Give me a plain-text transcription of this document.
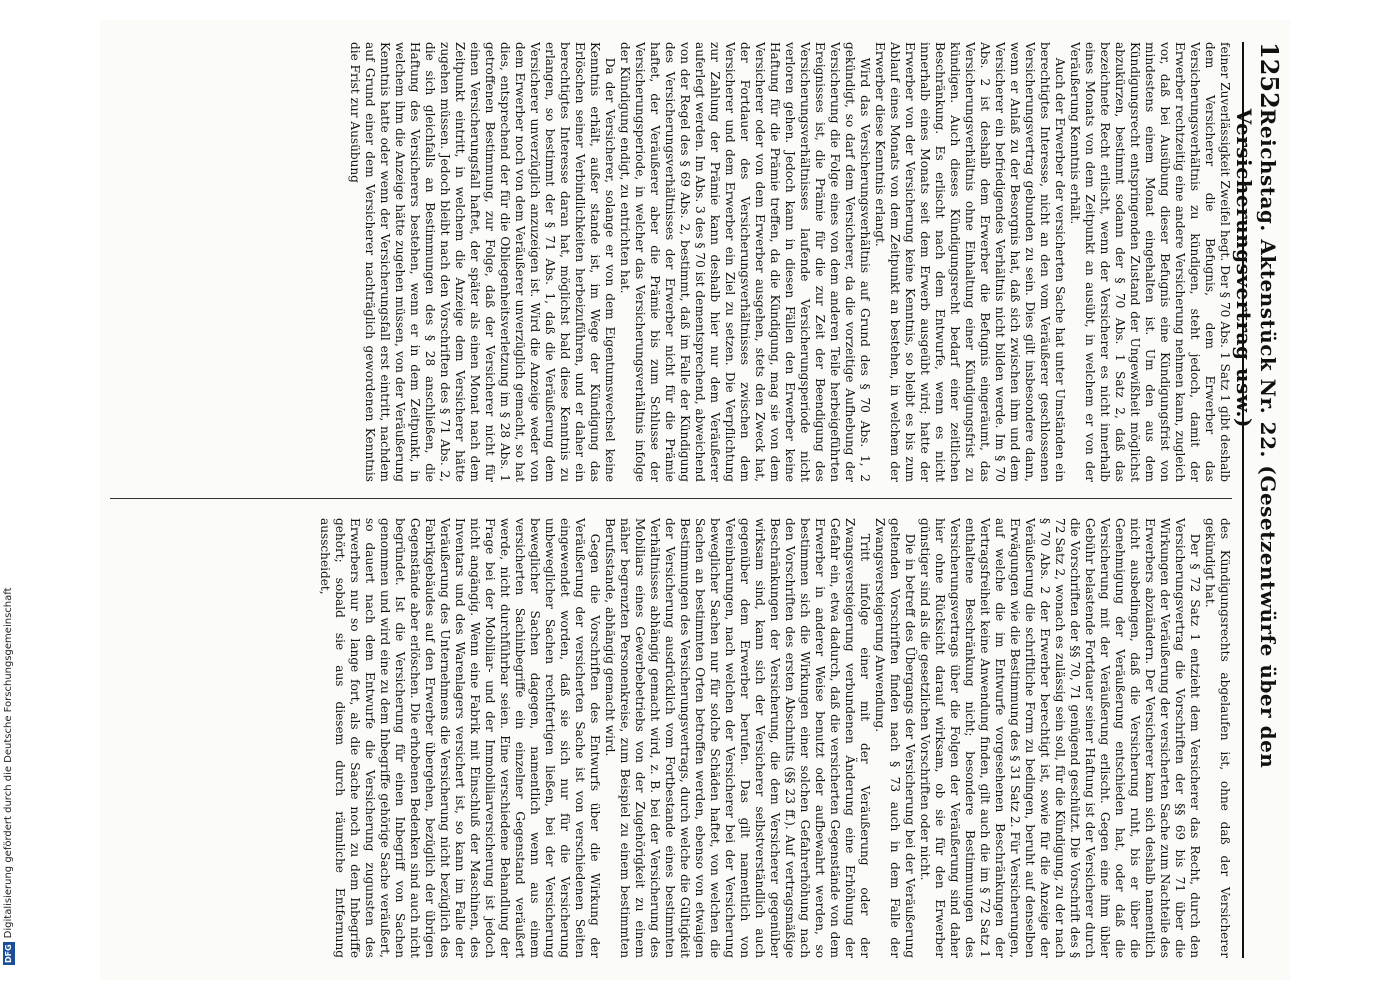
1252
Reichstag. Aktenstück Nr. 22. (Gesetzentwürfe über den Versicherungsvertrag usw.)

feiner Zuverlässigkeit Zweifel hegt. Der § 70 Abs. 1 Satz 1 gibt deshalb dem Versicherer die Befugnis, dem Erwerber das Versicherungsverhältnis zu kündigen, steht jedoch, damit der Erwerber rechtzeitig eine andere Versicherung nehmen kann, zugleich vor, daß bei Ausübung dieser Befugnis eine Kündigungsfrist von mindestens einem Monat eingehalten ist. Um den aus dem Kündigungsrecht entspringenden Zustand der Ungewißheit möglichst abzukürzen, bestimmt sodann der § 70 Abs. 1 Satz 2, daß das bezeichnete Recht erlischt, wenn der Versicherer es nicht innerhalb eines Monats von dem Zeitpunkt an ausübt, in welchem er von der Veräußerung Kenntnis erhält.

Auch der Erwerber der versicherten Sache hat unter Umständen ein berechtigtes Interesse, nicht an den vom Veräußerer geschlossenen Versicherungsvertrag gebunden zu sein. Dies gilt insbesondere dann, wenn er Anlaß zu der Besorgnis hat, daß sich zwischen ihm und dem Versicherer ein befriedigendes Verhältnis nicht bilden werde. Im § 70 Abs. 2 ist deshalb dem Erwerber die Befugnis eingeräumt, das Versicherungsverhältnis ohne Einhaltung einer Kündigungsfrist zu kündigen. Auch dieses Kündigungsrecht bedarf einer zeitlichen Beschränkung. Es erlischt nach dem Entwurfe, wenn es nicht innerhalb eines Monats seit dem Erwerb ausgeübt wird; hatte der Erwerber von der Versicherung keine Kenntnis, so bleibt es bis zum Ablauf eines Monats von dem Zeitpunkt an bestehen, in welchem der Erwerber diese Kenntnis erlangt.

Wird das Versicherungsverhältnis auf Grund des § 70 Abs. 1, 2 gekündigt, so darf dem Versicherer, da die vorzeitige Aufhebung der Versicherung die Folge eines von dem anderen Teile herbeigeführten Ereignisses ist, die Prämie für die zur Zeit der Beendigung des Versicherungsverhältnisses laufende Versicherungsperiode nicht verloren gehen. Jedoch kann in diesen Fällen den Erwerber keine Haftung für die Prämie treffen, da die Kündigung, mag sie von dem Versicherer oder von dem Erwerber ausgehen, stets den Zweck hat, der Fortdauer des Versicherungsverhältnisses zwischen dem Versicherer und dem Erwerber ein Ziel zu setzen. Die Verpflichtung zur Zahlung der Prämie kann deshalb hier nur dem Veräußerer auferlegt werden. Im Abs. 3 des § 70 ist dementsprechend, abweichend von der Regel des § 69 Abs. 2, bestimmt, daß im Falle der Kündigung des Versicherungsverhältnisses der Erwerber nicht für die Prämie haftet, der Veräußerer aber die Prämie bis zum Schlusse der Versicherungsperiode, in welcher das Versicherungsverhältnis infolge der Kündigung endigt, zu entrichten hat.

Da der Versicherer, solange er von dem Eigentumswechsel keine Kenntnis erhält, außer stande ist, im Wege der Kündigung das Erlöschen seiner Verbindlichkeiten herbeizuführen, und er daher ein berechtigtes Interesse daran hat, möglichst bald diese Kenntnis zu erlangen, so bestimmt der § 71 Abs. 1, daß die Veräußerung dem Versicherer unverzüglich anzuzeigen ist. Wird die Anzeige weder von dem Erwerber noch von dem Veräußerer unverzüglich gemacht, so hat dies, entsprechend der für die Obliegenheitsverletzung im § 28 Abs. 1 getroffenen Bestimmung, zur Folge, daß der Versicherer nicht für einen Versicherungsfall haftet, der später als einen Monat nach dem Zeitpunkt eintritt, in welchem die Anzeige dem Versicherer hätte zugehen müssen. Jedoch bleibt nach den Vorschriften des § 71 Abs. 2, die sich gleichfalls an Bestimmungen des § 28 anschließen, die Haftung des Versicherers bestehen, wenn er in dem Zeitpunkt, in welchem ihm die Anzeige hätte zugehen müssen, von der Veräußerung Kenntnis hatte oder wenn der Versicherungsfall erst eintritt, nachdem auf Grund einer dem Versicherer nachträglich gewordenen Kenntnis die Frist zur Ausübung

des Kündigungsrechts abgelaufen ist, ohne daß der Versicherer gekündigt hat.

Der § 72 Satz 1 entzieht dem Versicherer das Recht, durch den Versicherungsvertrag die Vorschriften der §§ 69 bis 71 über die Wirkungen der Veräußerung der versicherten Sache zum Nachteile des Erwerbers abzuändern. Der Versicherer kann sich deshalb namentlich nicht ausbedingen, daß die Versicherung ruht, bis er über die Genehmigung der Veräußerung entschieden hat, oder daß die Versicherung mit der Veräußerung erlischt. Gegen eine ihm übler Gebühr belastende Fortdauer seiner Haftung ist der Versicherer durch die Vorschriften der §§ 70, 71 genügend geschützt. Die Vorschrift des § 72 Satz 2, wonach es zulässig sein soll, für die Kündigung, zu der nach § 70 Abs. 2 der Erwerber berechtigt ist, sowie für die Anzeige der Veräußerung die schriftliche Form zu bedingen, beruht auf denselben Erwägungen wie die Bestimmung des § 31 Satz 2. Für Versicherungen, auf welche die im Entwurfe vorgesehenen Beschränkungen der Vertragsfreiheit keine Anwendung finden, gilt auch die im § 72 Satz 1 enthaltene Beschränkung nicht; besondere Bestimmungen des Versicherungsvertrags über die Folgen der Veräußerung sind daher hier ohne Rücksicht darauf wirksam, ob sie für den Erwerber günstiger sind als die gesetzlichen Vorschriften oder nicht.

Die in betreff des Übergangs der Versicherung bei der Veräußerung geltenden Vorschriften finden nach § 73 auch in dem Falle der Zwangsversteigerung Anwendung.

Tritt infolge einer mit der Veräußerung oder der Zwangsversteigerung verbundenen Änderung eine Erhöhung der Gefahr ein, etwa dadurch, daß die versicherten Gegenstände von dem Erwerber in anderer Weise benutzt oder aufbewahrt werden, so bestimmen sich die Wirkungen einer solchen Gefahrerhöhung nach den Vorschriften des ersten Abschnitts (§§ 23 ff.). Auf vertragsmäßige Beschränkungen der Versicherung, die dem Versicherer gegenüber wirksam sind, kann sich der Versicherer selbstverständlich auch gegenüber dem Erwerber berufen. Das gilt namentlich von Vereinbarungen, nach welchen der Versicherer bei der Versicherung beweglicher Sachen nur für solche Schäden haftet, von welchen die Sachen an bestimmten Orten betroffen werden, ebenso von etwaigen Bestimmungen des Versicherungsvertrags, durch welche die Gültigkeit der Versicherung ausdrücklich vom Fortbestande eines bestimmten Verhältnisses abhängig gemacht wird, z. B. bei der Versicherung des Mobiliars eines Gewerbebetriebs von der Zugehörigkeit zu einem näher begrenzten Personenkreise, zum Beispiel zu einem bestimmten Berufsstande, abhängig gemacht wird.

Gegen die Vorschriften des Entwurfs über die Wirkung der Veräußerung der versicherten Sache ist von verschiedenen Seiten eingewendet worden, daß sie sich nur für die Versicherung unbeweglicher Sachen rechtfertigen ließen, bei der Versicherung beweglicher Sachen dagegen, namentlich wenn aus einem versicherten Sachinbegriffe ein einzelner Gegenstand veräußert werde, nicht durchführbar seien. Eine verschiedene Behandlung der Frage bei der Mobiliar- und der Immobiliarversicherung ist jedoch nicht angängig. Wenn eine Fabrik mit Einschluß der Maschinen, des Inventars und des Warenlagers versichert ist, so kann im Falle der Veräußerung des Unternehmens die Versicherung nicht bezüglich des Fabrikgebäudes auf den Erwerber übergehen, bezüglich der übrigen Gegenstände aber erlöschen. Die erhobenen Bedenken sind auch nicht begründet. Ist die Versicherung für einen Inbegriff von Sachen genommen und wird eine zu dem Inbegriffe gehörige Sache veräußert, so dauert nach dem Entwurfe die Versicherung zugunsten des Erwerbers nur so lange fort, als die Sache noch zu dem Inbegriffe gehört; sobald sie aus diesem durch räumliche Entfernung ausscheidet,

DFGDigitalisierung gefördert durch die Deutsche Forschungsgemeinschaft
